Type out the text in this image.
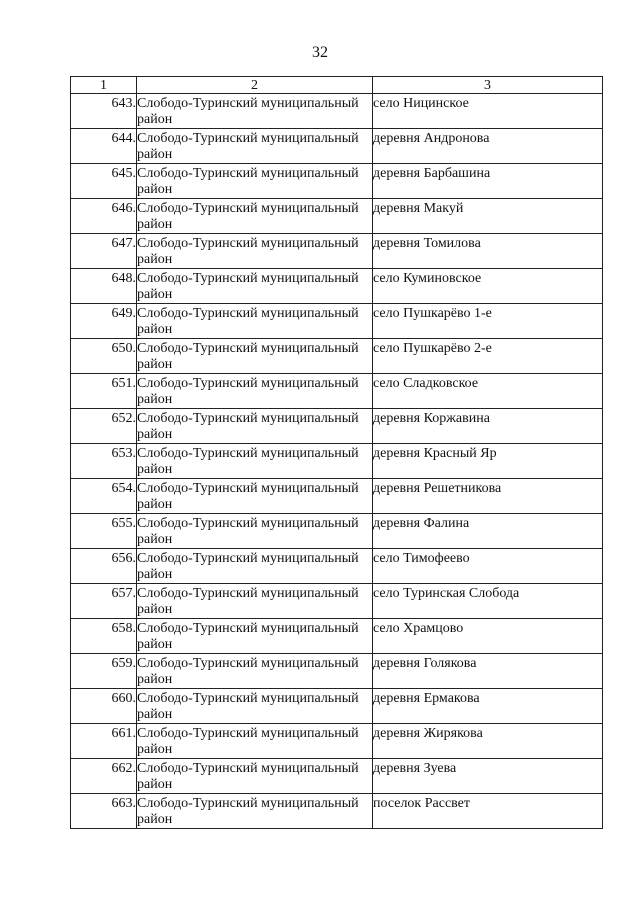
32
1	2	3
643.	Слободо-Туринский муниципальный район	село Ницинское
644.	Слободо-Туринский муниципальный район	деревня Андронова
645.	Слободо-Туринский муниципальный район	деревня Барбашина
646.	Слободо-Туринский муниципальный район	деревня Макуй
647.	Слободо-Туринский муниципальный район	деревня Томилова
648.	Слободо-Туринский муниципальный район	село Куминовское
649.	Слободо-Туринский муниципальный район	село Пушкарёво 1-е
650.	Слободо-Туринский муниципальный район	село Пушкарёво 2-е
651.	Слободо-Туринский муниципальный район	село Сладковское
652.	Слободо-Туринский муниципальный район	деревня Коржавина
653.	Слободо-Туринский муниципальный район	деревня Красный Яр
654.	Слободо-Туринский муниципальный район	деревня Решетникова
655.	Слободо-Туринский муниципальный район	деревня Фалина
656.	Слободо-Туринский муниципальный район	село Тимофеево
657.	Слободо-Туринский муниципальный район	село Туринская Слобода
658.	Слободо-Туринский муниципальный район	село Храмцово
659.	Слободо-Туринский муниципальный район	деревня Голякова
660.	Слободо-Туринский муниципальный район	деревня Ермакова
661.	Слободо-Туринский муниципальный район	деревня Жирякова
662.	Слободо-Туринский муниципальный район	деревня Зуева
663.	Слободо-Туринский муниципальный район	поселок Рассвет
